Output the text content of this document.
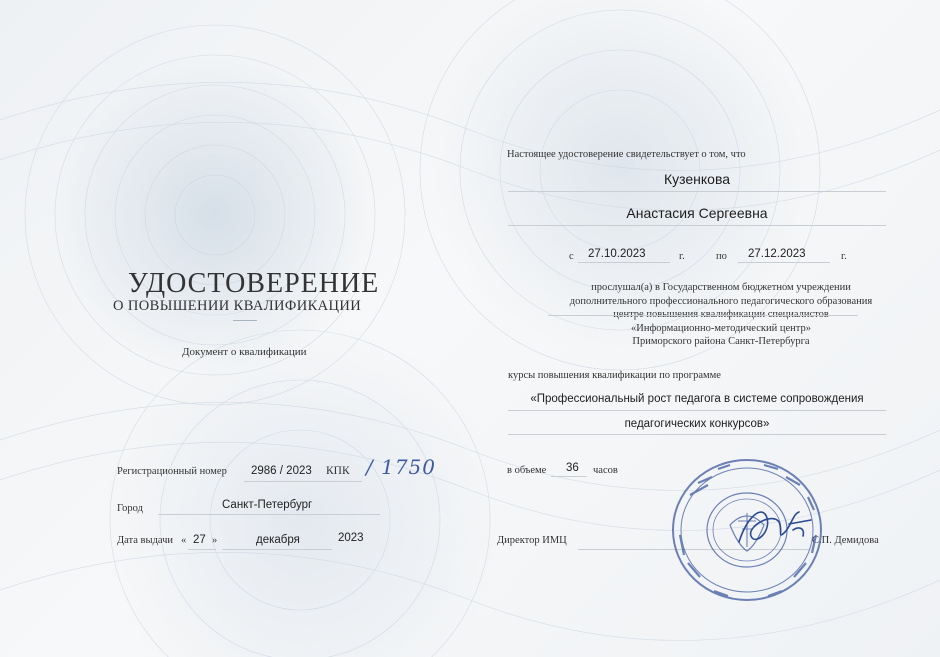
УДОСТОВЕРЕНИЕ
О ПОВЫШЕНИИ КВАЛИФИКАЦИИ
Документ о квалификации
Регистрационный номер 2986 / 2023 КПК / 1750
Город	Санкт-Петербург
Дата выдачи « 27 »	декабря	2023
Настоящее удостоверение свидетельствует о том, что
Кузенкова
Анастасия Сергеевна
с 27.10.2023	г.	по 27.12.2023	г.
прослушал(а) в Государственном бюджетном учреждении
дополнительного профессионального педагогического образования
центре повышения квалификации специалистов
«Информационно-методический центр»
Приморского района Санкт-Петербурга
курсы повышения квалификации по программе
«Профессиональный рост педагога в системе сопровождения
педагогических конкурсов»
в объеме 36 часов
Директор ИМЦ	С.П. Демидова
